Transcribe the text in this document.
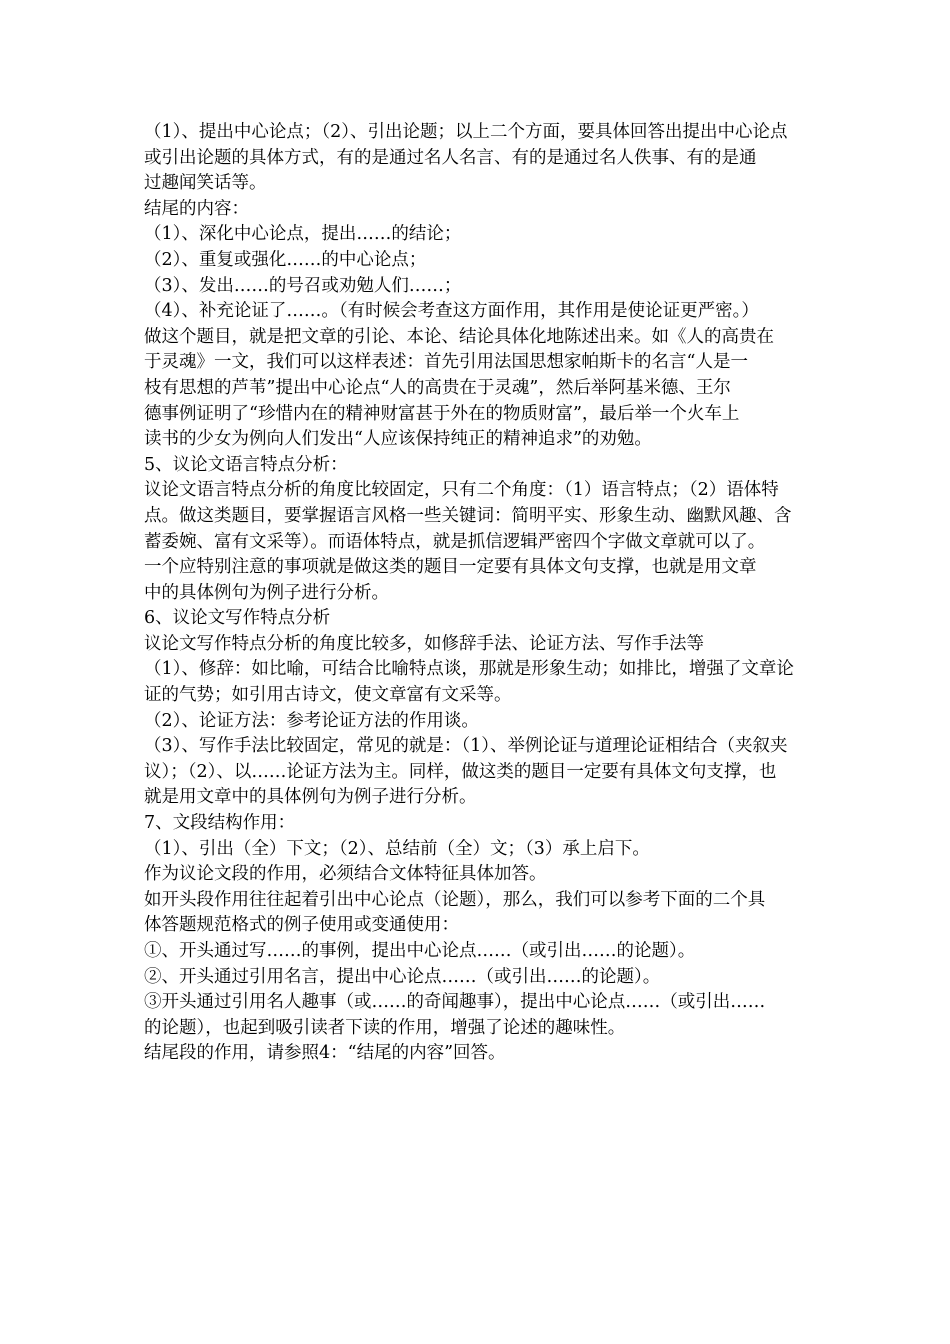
（1）、提出中心论点；（2）、引出论题；以上二个方面，要具体回答出提出中心论点
或引出论题的具体方式，有的是通过名人名言、有的是通过名人佚事、有的是通
过趣闻笑话等。
结尾的内容：
（1）、深化中心论点，提出……的结论；
（2）、重复或强化……的中心论点；
（3）、发出……的号召或劝勉人们……；
（4）、补充论证了……。（有时候会考查这方面作用，其作用是使论证更严密。）
做这个题目，就是把文章的引论、本论、结论具体化地陈述出来。如《人的高贵在
于灵魂》一文，我们可以这样表述：首先引用法国思想家帕斯卡的名言“人是一
枝有思想的芦苇”提出中心论点“人的高贵在于灵魂”，然后举阿基米德、王尔
德事例证明了“珍惜内在的精神财富甚于外在的物质财富”，最后举一个火车上
读书的少女为例向人们发出“人应该保持纯正的精神追求”的劝勉。
5、议论文语言特点分析：
议论文语言特点分析的角度比较固定，只有二个角度：（1）语言特点；（2）语体特
点。做这类题目，要掌握语言风格一些关键词：简明平实、形象生动、幽默风趣、含
蓄委婉、富有文采等）。而语体特点，就是抓信逻辑严密四个字做文章就可以了。
一个应特别注意的事项就是做这类的题目一定要有具体文句支撑，也就是用文章
中的具体例句为例子进行分析。
6、议论文写作特点分析
议论文写作特点分析的角度比较多，如修辞手法、论证方法、写作手法等
（1）、修辞：如比喻，可结合比喻特点谈，那就是形象生动；如排比，增强了文章论
证的气势；如引用古诗文，使文章富有文采等。
（2）、论证方法：参考论证方法的作用谈。
（3）、写作手法比较固定，常见的就是：（1）、举例论证与道理论证相结合（夹叙夹
议）；（2）、以……论证方法为主。同样，做这类的题目一定要有具体文句支撑，也
就是用文章中的具体例句为例子进行分析。
7、文段结构作用：
（1）、引出（全）下文；（2）、总结前（全）文；（3）承上启下。
作为议论文段的作用，必须结合文体特征具体加答。
如开头段作用往往起着引出中心论点（论题），那么，我们可以参考下面的二个具
体答题规范格式的例子使用或变通使用：
①、开头通过写……的事例，提出中心论点……（或引出……的论题）。
②、开头通过引用名言，提出中心论点……（或引出……的论题）。
③开头通过引用名人趣事（或……的奇闻趣事），提出中心论点……（或引出……
的论题），也起到吸引读者下读的作用，增强了论述的趣味性。
结尾段的作用，请参照4：“结尾的内容”回答。
